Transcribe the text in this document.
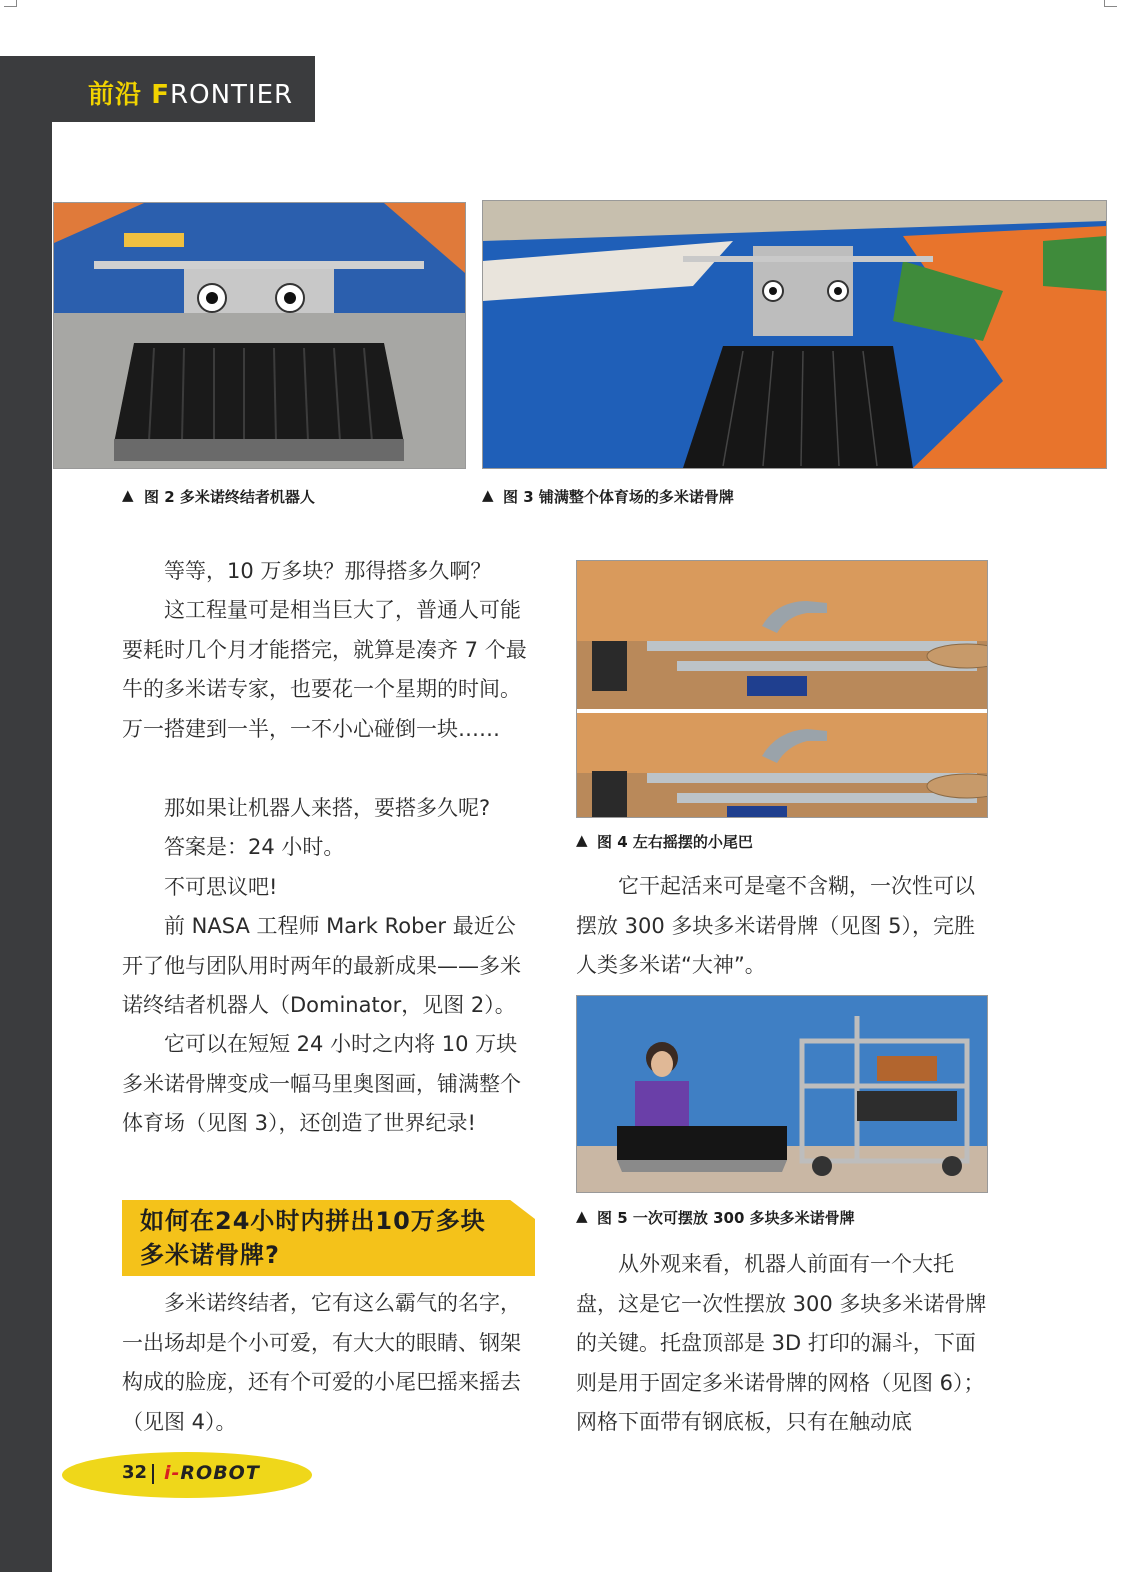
前沿 FRONTIER
图 2 多米诺终结者机器人
▲	▲ 图 3 铺满整个体育场的多米诺骨牌

等等，10 万多块？那得搭多久啊？

这工程量可是相当巨大了，普通人可能要耗时几个月才能搭完，就算是凑齐 7 个最牛的多米诺专家，也要花一个星期的时间。万一搭建到一半，一不小心碰倒一块……

那如果让机器人来搭，要搭多久呢?

答案是：24 小时。

不可思议吧!

前 NASA 工程师 Mark Rober 最近公开了他与团队用时两年的最新成果——多米诺终结者机器人（Dominator，见图 2）。

它可以在短短 24 小时之内将 10 万块多米诺骨牌变成一幅马里奥图画，铺满整个体育场（见图 3），还创造了世界纪录!

如何在24小时内拼出10万多块
多米诺骨牌?

多米诺终结者，它有这么霸气的名字，一出场却是个小可爱，有大大的眼睛、钢架构成的脸庞，还有个可爱的小尾巴摇来摇去（见图 4）。

▲ 图 4 左右摇摆的小尾巴

它干起活来可是毫不含糊，一次性可以摆放 300 多块多米诺骨牌（见图 5），完胜人类多米诺“大神”。

▲ 图 5 一次可摆放 300 多块多米诺骨牌

从外观来看，机器人前面有一个大托盘，这是它一次性摆放 300 多块多米诺骨牌的关键。托盘顶部是 3D 打印的漏斗，下面则是用于固定多米诺骨牌的网格（见图 6）；网格下面带有钢底板，只有在触动底

32 i-ROBOT
